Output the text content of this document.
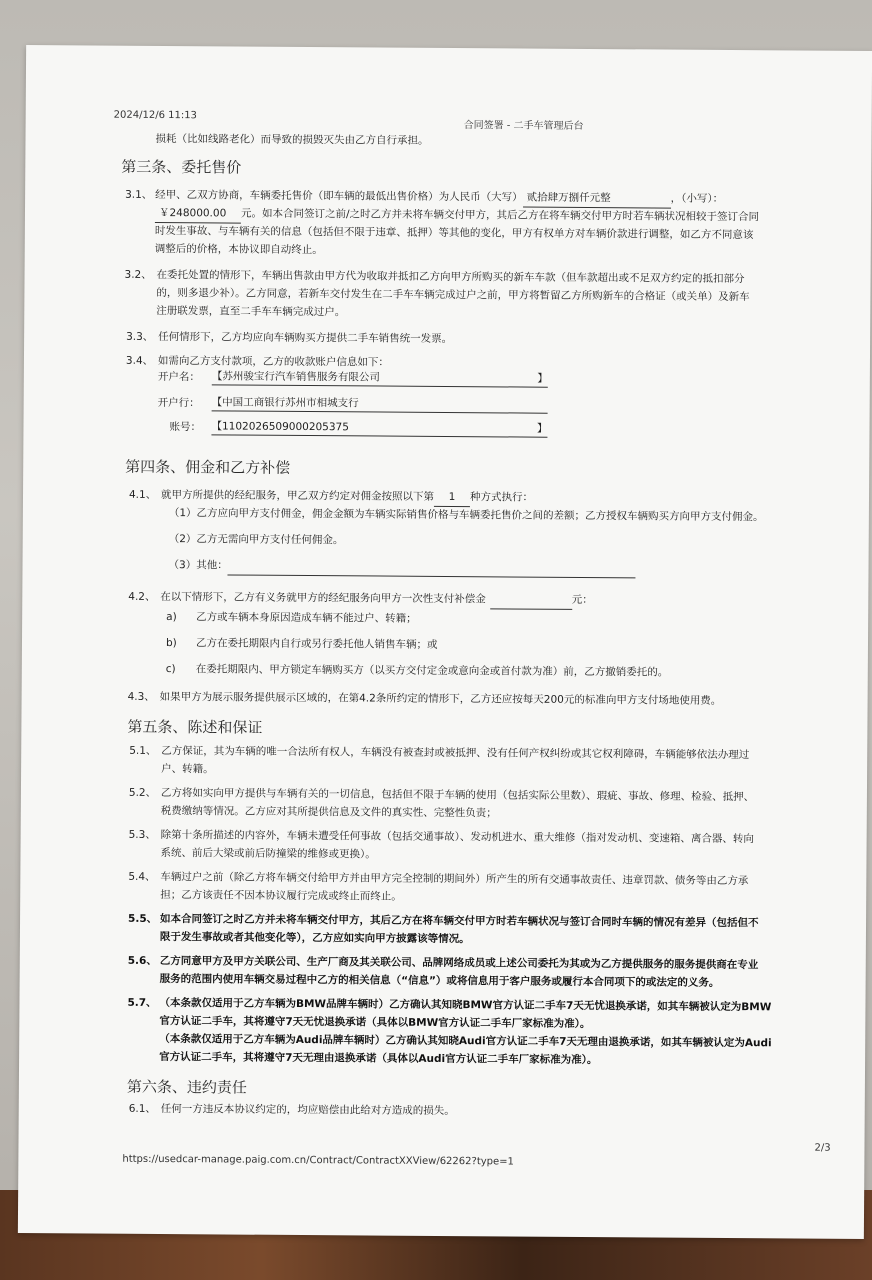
2024/12/6 11:13
合同签署 - 二手车管理后台
损耗（比如线路老化）而导致的损毁灭失由乙方自行承担。
第三条、委托售价
3.1、 经甲、乙双方协商，车辆委托售价（即车辆的最低出售价格）为人民币（大写） 贰拾肆万捌仟元整	，（小写）：
￥248000.00 元。如本合同签订之前/之时乙方并未将车辆交付甲方，其后乙方在将车辆交付甲方时若车辆状况相较于签订合同
时发生事故、与车辆有关的信息（包括但不限于违章、抵押）等其他的变化，甲方有权单方对车辆价款进行调整，如乙方不同意该
调整后的价格，本协议即自动终止。
3.2、 在委托处置的情形下，车辆出售款由甲方代为收取并抵扣乙方向甲方所购买的新车车款（但车款超出或不足双方约定的抵扣部分
的，则多退少补）。乙方同意，若新车交付发生在二手车车辆完成过户之前，甲方将暂留乙方所购新车的合格证（或关单）及新车
注册联发票，直至二手车车辆完成过户。
3.3、 任何情形下，乙方均应向车辆购买方提供二手车销售统一发票。
3.4、 如需向乙方支付款项，乙方的收款账户信息如下：
开户名： 【苏州骏宝行汽车销售服务有限公司	】
开户行： 【中国工商银行苏州市相城支行
账号： 【1102026509000205375	】
第四条、佣金和乙方补偿
4.1、 就甲方所提供的经纪服务，甲乙双方约定对佣金按照以下第 1 种方式执行：
（1）乙方应向甲方支付佣金，佣金金额为车辆实际销售价格与车辆委托售价之间的差额；乙方授权车辆购买方向甲方支付佣金。
（2）乙方无需向甲方支付任何佣金。
（3）其他：
4.2、 在以下情形下，乙方有义务就甲方的经纪服务向甲方一次性支付补偿金	元：
a) 乙方或车辆本身原因造成车辆不能过户、转籍；
b) 乙方在委托期限内自行或另行委托他人销售车辆；或
c) 在委托期限内、甲方锁定车辆购买方（以买方交付定金或意向金或首付款为准）前，乙方撤销委托的。
4.3、 如果甲方为展示服务提供展示区域的，在第4.2条所约定的情形下，乙方还应按每天200元的标准向甲方支付场地使用费。
第五条、陈述和保证
5.1、 乙方保证，其为车辆的唯一合法所有权人，车辆没有被查封或被抵押、没有任何产权纠纷或其它权利障碍，车辆能够依法办理过
户、转籍。
5.2、 乙方将如实向甲方提供与车辆有关的一切信息，包括但不限于车辆的使用（包括实际公里数）、瑕疵、事故、修理、检验、抵押、
税费缴纳等情况。乙方应对其所提供信息及文件的真实性、完整性负责；
5.3、 除第十条所描述的内容外，车辆未遭受任何事故（包括交通事故）、发动机进水、重大维修（指对发动机、变速箱、离合器、转向
系统、前后大梁或前后防撞梁的维修或更换）。
5.4、 车辆过户之前（除乙方将车辆交付给甲方并由甲方完全控制的期间外）所产生的所有交通事故责任、违章罚款、债务等由乙方承
担；乙方该责任不因本协议履行完成或终止而终止。
5.5、 如本合同签订之时乙方并未将车辆交付甲方，其后乙方在将车辆交付甲方时若车辆状况与签订合同时车辆的情况有差异（包括但不
限于发生事故或者其他变化等），乙方应如实向甲方披露该等情况。
5.6、 乙方同意甲方及甲方关联公司、生产厂商及其关联公司、品牌网络成员或上述公司委托为其或为乙方提供服务的服务提供商在专业
服务的范围内使用车辆交易过程中乙方的相关信息（“信息”）或将信息用于客户服务或履行本合同项下的或法定的义务。
5.7、 （本条款仅适用于乙方车辆为BMW品牌车辆时）乙方确认其知晓BMW官方认证二手车7天无忧退换承诺，如其车辆被认定为BMW
官方认证二手车，其将遵守7天无忧退换承诺（具体以BMW官方认证二手车厂家标准为准）。
（本条款仅适用于乙方车辆为Audi品牌车辆时）乙方确认其知晓Audi官方认证二手车7天无理由退换承诺，如其车辆被认定为Audi
官方认证二手车，其将遵守7天无理由退换承诺（具体以Audi官方认证二手车厂家标准为准）。
第六条、违约责任
6.1、 任何一方违反本协议约定的，均应赔偿由此给对方造成的损失。
2/3
https://usedcar-manage.paig.com.cn/Contract/ContractXXView/62262?type=1
